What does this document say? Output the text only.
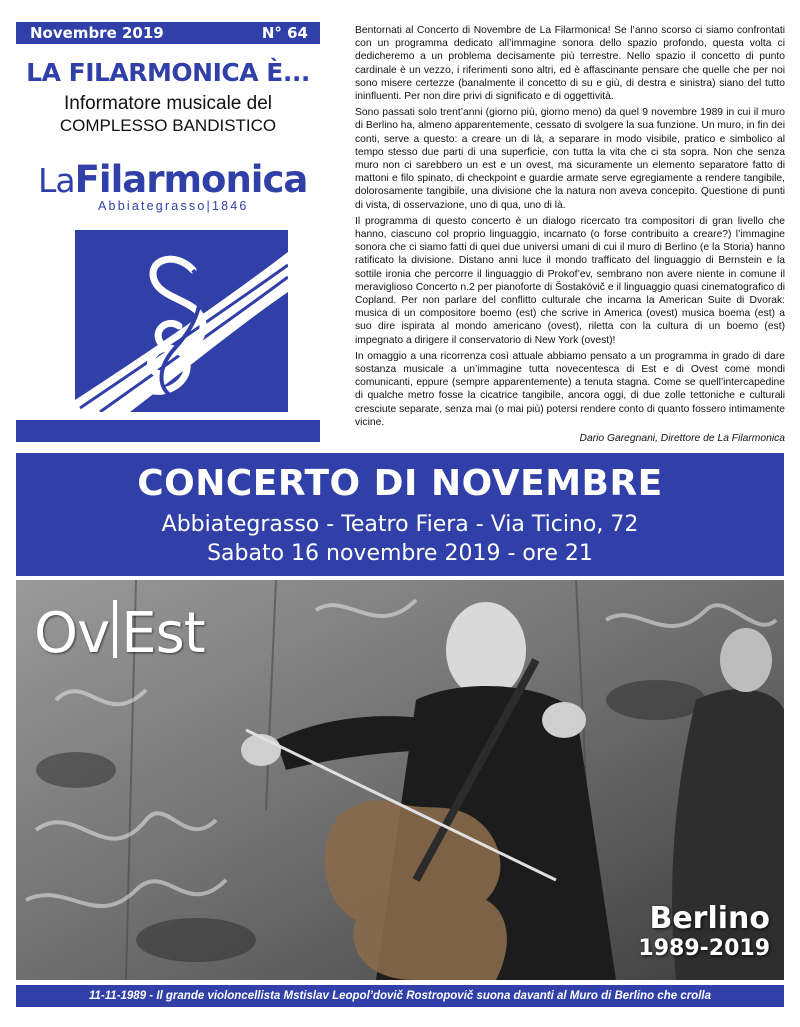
Novembre 2019	N° 64
LA FILARMONICA È...
Informatore musicale del
COMPLESSO BANDISTICO
LaFilarmonica
Abbiategrasso|1846

Bentornati al Concerto di Novembre de La Filarmonica! Se l’anno scorso ci siamo confrontati con un programma dedicato all’immagine sonora dello spazio profondo, questa volta ci dedicheremo a un problema decisamente più terrestre. Nello spazio il concetto di punto cardinale è un vezzo, i riferimenti sono altri, ed è affascinante pensare che quelle che per noi sono misere certezze (banalmente il concetto di su e giù, di destra e sinistra) siano del tutto ininfluenti. Per non dire privi di significato e di oggettività.

Sono passati solo trent’anni (giorno più, giorno meno) da quel 9 novembre 1989 in cui il muro di Berlino ha, almeno apparentemente, cessato di svolgere la sua funzione. Un muro, in fin dei conti, serve a questo: a creare un di là, a separare in modo visibile, pratico e simbolico al tempo stesso due parti di una superficie, con tutta la vita che ci sta sopra. Non che senza muro non ci sarebbero un est e un ovest, ma sicuramente un elemento separatore fatto di mattoni e filo spinato, di checkpoint e guardie armate serve egregiamente a rendere tangibile, dolorosamente tangibile, una divisione che la natura non aveva concepito. Questione di punti di vista, di osservazione, uno di qua, uno di là.

Il programma di questo concerto è un dialogo ricercato tra compositori di gran livello che hanno, ciascuno col proprio linguaggio, incarnato (o forse contribuito a creare?) l’immagine sonora che ci siamo fatti di quei due universi umani di cui il muro di Berlino (e la Storia) hanno ratificato la divisione. Distano anni luce il mondo trafficato del linguaggio di Bernstein e la sottile ironia che percorre il linguaggio di Prokof’ev, sembrano non avere niente in comune il meraviglioso Concerto n.2 per pianoforte di Šostakóvič e il linguaggio quasi cinematografico di Copland. Per non parlare del conflitto culturale che incarna la American Suite di Dvorak: musica di un compositore boemo (est) che scrive in America (ovest) musica boema (est) a suo dire ispirata al mondo americano (ovest), riletta con la cultura di un boemo (est) impegnato a dirigere il conservatorio di New York (ovest)!

In omaggio a una ricorrenza così attuale abbiamo pensato a un programma in grado di dare sostanza musicale a un’immagine tutta novecentesca di Est e di Ovest come mondi comunicanti, eppure (sempre apparentemente) a tenuta stagna. Come se quell’intercapedine di qualche metro fosse la cicatrice tangibile, ancora oggi, di due zolle tettoniche e culturali cresciute separate, senza mai (o mai più) potersi rendere conto di quanto fossero intimamente vicine.

Dario Garegnani, Direttore de La Filarmonica
CONCERTO DI NOVEMBRE
Abbiategrasso - Teatro Fiera - Via Ticino, 72
Sabato 16 novembre 2019 - ore 21
Ov Est
Berlino
1989-2019
11-11-1989 - Il grande violoncellista Mstislav Leopol’dovič Rostropovič suona davanti al Muro di Berlino che crolla
